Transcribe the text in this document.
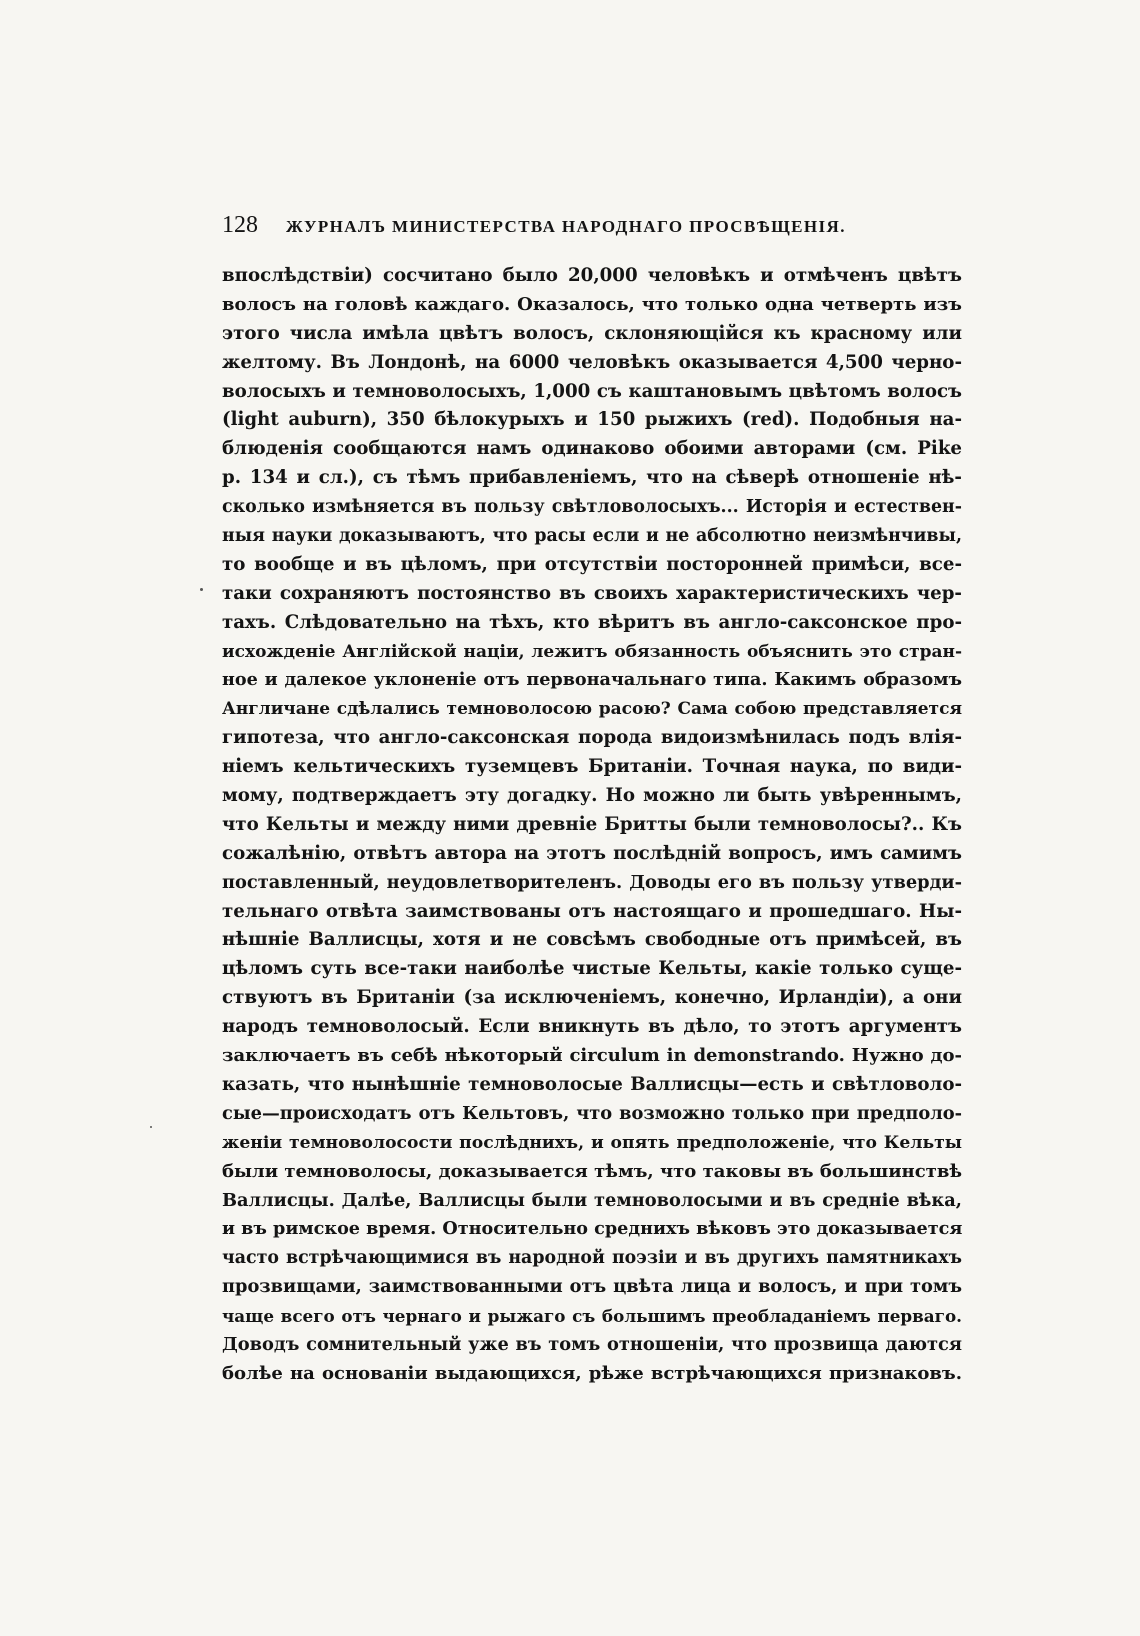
128 ЖУРНАЛЪ МИНИСТЕРСТВА НАРОДНАГО ПРОСВѢЩЕНІЯ.
впослѣдствіи) сосчитано было 20,000 человѣкъ и отмѣченъ цвѣтъ
волосъ на головѣ каждаго. Оказалось, что только одна четверть изъ
этого числа имѣла цвѣтъ волосъ, склоняющійся къ красному или
желтому. Въ Лондонѣ, на 6000 человѣкъ оказывается 4,500 черно-
волосыхъ и темноволосыхъ, 1,000 съ каштановымъ цвѣтомъ волосъ
(light auburn), 350 бѣлокурыхъ и 150 рыжихъ (red). Подобныя на-
блюденія сообщаются намъ одинаково обоими авторами (см. Pike
р. 134 и сл.), съ тѣмъ прибавленіемъ, что на сѣверѣ отношеніе нѣ-
сколько измѣняется въ пользу свѣтловолосыхъ... Исторія и естествен-
ныя науки доказываютъ, что расы если и не абсолютно неизмѣнчивы,
то вообще и въ цѣломъ, при отсутствіи посторонней примѣси, все-
таки сохраняютъ постоянство въ своихъ характеристическихъ чер-
тахъ. Слѣдовательно на тѣхъ, кто вѣритъ въ англо-саксонское про-
исхожденіе Англійской націи, лежитъ обязанность объяснить это стран-
ное и далекое уклоненіе отъ первоначальнаго типа. Какимъ образомъ
Англичане сдѣлались темноволосою расою? Сама собою представляется
гипотеза, что англо-саксонская порода видоизмѣнилась подъ влія-
ніемъ кельтическихъ туземцевъ Британіи. Точная наука, по види-
мому, подтверждаетъ эту догадку. Но можно ли быть увѣреннымъ,
что Кельты и между ними древніе Бритты были темноволосы?.. Къ
сожалѣнію, отвѣтъ автора на этотъ послѣдній вопросъ, имъ самимъ
поставленный, неудовлетворителенъ. Доводы его въ пользу утверди-
тельнаго отвѣта заимствованы отъ настоящаго и прошедшаго. Ны-
нѣшніе Валлисцы, хотя и не совсѣмъ свободные отъ примѣсей, въ
цѣломъ суть все-таки наиболѣе чистые Кельты, какіе только суще-
ствуютъ въ Британіи (за исключеніемъ, конечно, Ирландіи), а они
народъ темноволосый. Если вникнуть въ дѣло, то этотъ аргументъ
заключаетъ въ себѣ нѣкоторый circulum in demonstrando. Нужно до-
казать, что нынѣшніе темноволосые Валлисцы—есть и свѣтловоло-
сые—происходатъ отъ Кельтовъ, что возможно только при предполо-
женіи темноволосости послѣднихъ, и опять предположеніе, что Кельты
были темноволосы, доказывается тѣмъ, что таковы въ большинствѣ
Валлисцы. Далѣе, Валлисцы были темноволосыми и въ средніе вѣка,
и въ римское время. Относительно среднихъ вѣковъ это доказывается
часто встрѣчающимися въ народной поэзіи и въ другихъ памятникахъ
прозвищами, заимствованными отъ цвѣта лица и волосъ, и при томъ
чаще всего отъ чернаго и рыжаго съ большимъ преобладаніемъ перваго.
Доводъ сомнительный уже въ томъ отношеніи, что прозвища даются
болѣе на основаніи выдающихся, рѣже встрѣчающихся признаковъ.
